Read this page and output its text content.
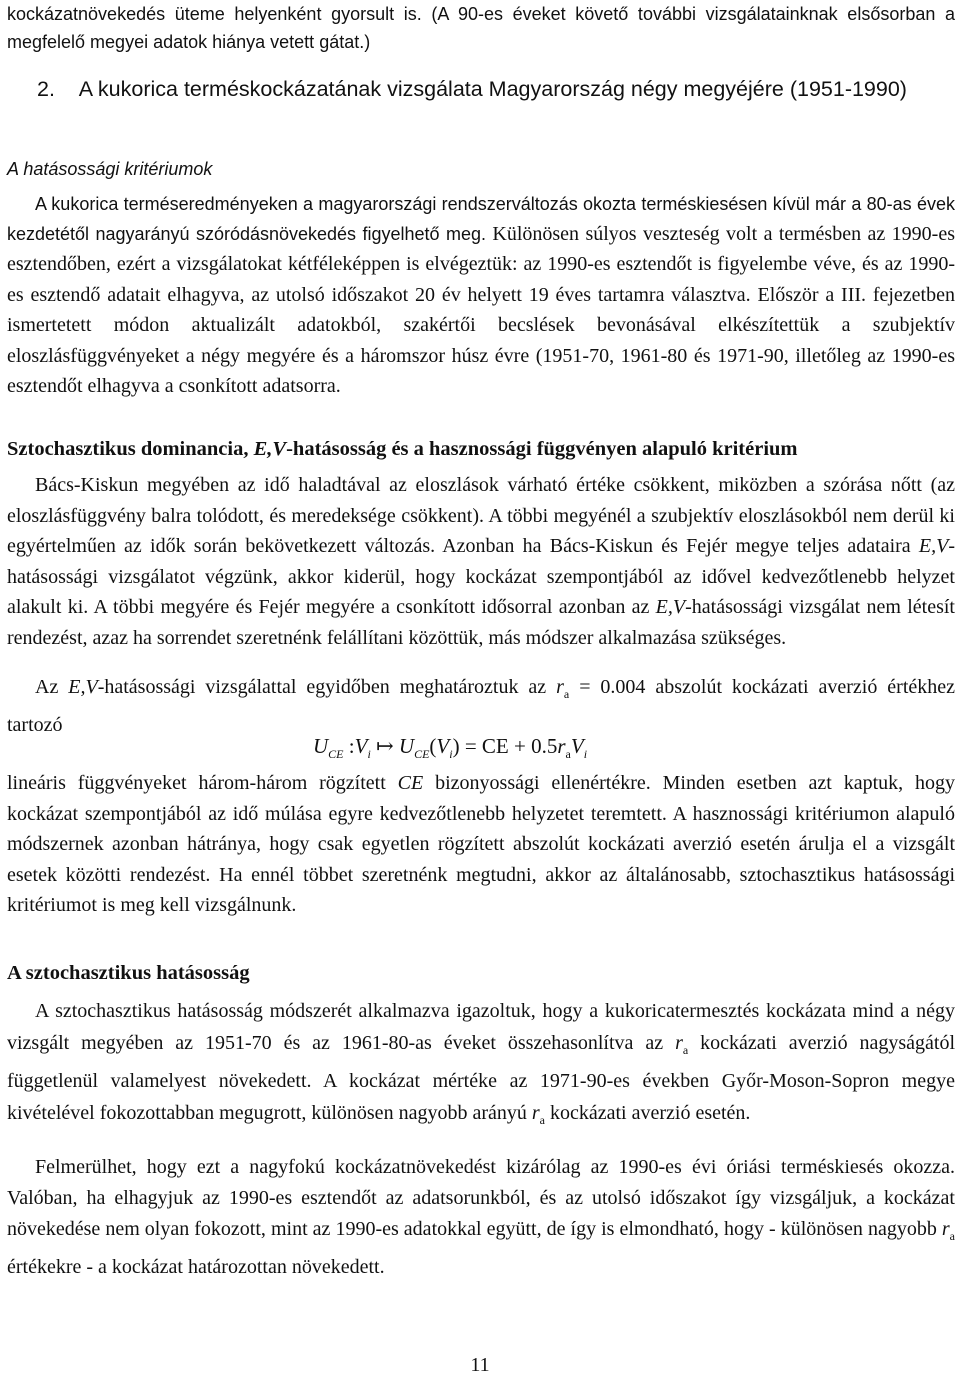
kockázatnövekedés üteme helyenként gyorsult is. (A 90-es éveket követő további vizsgálatainknak elsősorban a megfelelő megyei adatok hiánya vetett gátat.)

2. A kukorica terméskockázatának vizsgálata Magyarország négy megyéjére (1951-1990)

A hatásossági kritériumok

A kukorica terméseredményeken a magyarországi rendszerváltozás okozta terméskiesésen kívül már a 80-as évek kezdetétől nagyarányú szóródásnövekedés figyelhető meg. Különösen súlyos veszteség volt a termésben az 1990-es esztendőben, ezért a vizsgálatokat kétféleképpen is elvégeztük: az 1990-es esztendőt is figyelembe véve, és az 1990-es esztendő adatait elhagyva, az utolsó időszakot 20 év helyett 19 éves tartamra választva. Először a III. fejezetben ismertetett módon aktualizált adatokból, szakértői becslések bevonásával elkészítettük a szubjektív eloszlásfüggvényeket a négy megyére és a háromszor húsz évre (1951-70, 1961-80 és 1971-90, illetőleg az 1990-es esztendőt elhagyva a csonkított adatsorra.

Sztochasztikus dominancia, E,V-hatásosság és a hasznossági függvényen alapuló kritérium

Bács-Kiskun megyében az idő haladtával az eloszlások várható értéke csökkent, miközben a szórása nőtt (az eloszlásfüggvény balra tolódott, és meredeksége csökkent). A többi megyénél a szubjektív eloszlásokból nem derül ki egyértelműen az idők során bekövetkezett változás. Azonban ha Bács-Kiskun és Fejér megye teljes adataira E,V-hatásossági vizsgálatot végzünk, akkor kiderül, hogy kockázat szempontjából az idővel kedvezőtlenebb helyzet alakult ki. A többi megyére és Fejér megyére a csonkított idősorral azonban az E,V-hatásossági vizsgálat nem létesít rendezést, azaz ha sorrendet szeretnénk felállítani közöttük, más módszer alkalmazása szükséges.

Az E,V-hatásossági vizsgálattal egyidőben meghatároztuk az $r_a = 0.004$ abszolút kockázati averzió értékhez tartozó

$U_{CE}$ $:V_i$ ↦ $U_{CE}(V_i)$ = CE + $0.5r_aV_i$

lineáris függvényeket három-három rögzített CE bizonyossági ellenértékre. Minden esetben azt kaptuk, hogy kockázat szempontjából az idő múlása egyre kedvezőtlenebb helyzetet teremtett. A hasznossági kritériumon alapuló módszernek azonban hátránya, hogy csak egyetlen rögzített abszolút kockázati averzió esetén árulja el a vizsgált esetek közötti rendezést. Ha ennél többet szeretnénk megtudni, akkor az általánosabb, sztochasztikus hatásossági kritériumot is meg kell vizsgálnunk.

A sztochasztikus hatásosság

A sztochasztikus hatásosság módszerét alkalmazva igazoltuk, hogy a kukoricatermesztés kockázata mind a négy vizsgált megyében az 1951-70 és az 1961-80-as éveket összehasonlítva az $r_a$ kockázati averzió nagyságától függetlenül valamelyest növekedett. A kockázat mértéke az 1971-90-es években Győr-Moson-Sopron megye kivételével fokozottabban megugrott, különösen nagyobb arányú $r_a$ kockázati averzió esetén.

Felmerülhet, hogy ezt a nagyfokú kockázatnövekedést kizárólag az 1990-es évi óriási terméskiesés okozza. Valóban, ha elhagyjuk az 1990-es esztendőt az adatsorunkból, és az utolsó időszakot így vizsgáljuk, a kockázat növekedése nem olyan fokozott, mint az 1990-es adatokkal együtt, de így is elmondható, hogy - különösen nagyobb $r_a$ értékekre - a kockázat határozottan növekedett.

11
